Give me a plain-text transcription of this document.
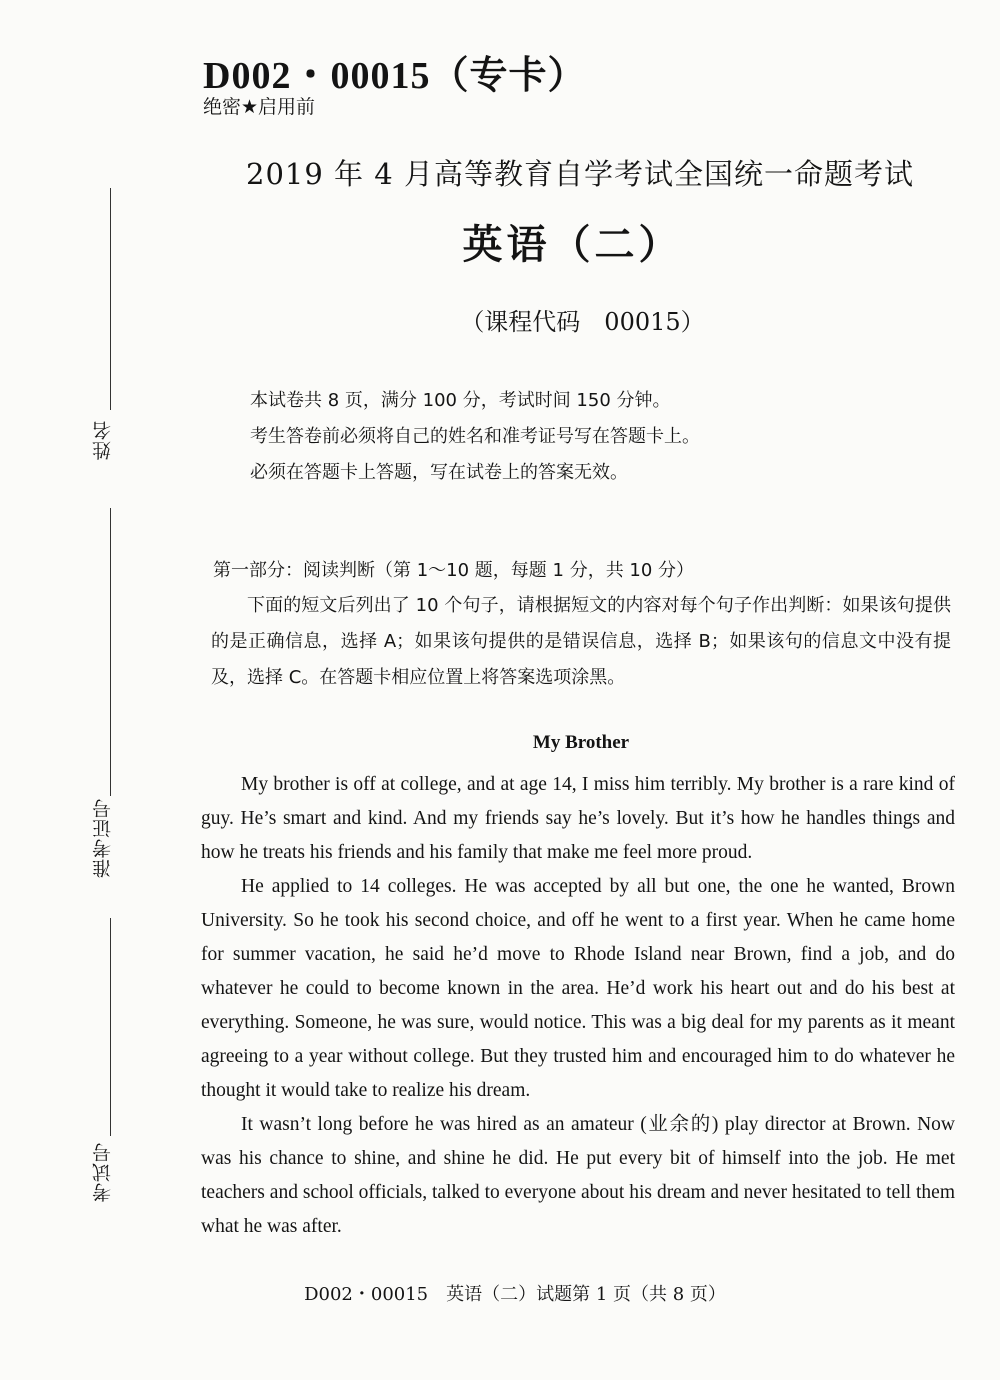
D002・00015（专卡）
绝密★启用前
2019 年 4 月高等教育自学考试全国统一命题考试
英语（二）
（课程代码　00015）
本试卷共 8 页，满分 100 分，考试时间 150 分钟。
考生答卷前必须将自己的姓名和准考证号写在答题卡上。
必须在答题卡上答题，写在试卷上的答案无效。
姓名
准考证号
考试号
第一部分：阅读判断（第 1～10 题，每题 1 分，共 10 分）
下面的短文后列出了 10 个句子，请根据短文的内容对每个句子作出判断：如果该句提供的是正确信息，选择 A；如果该句提供的是错误信息，选择 B；如果该句的信息文中没有提及，选择 C。在答题卡相应位置上将答案选项涂黑。
My Brother

My brother is off at college, and at age 14, I miss him terribly. My brother is a rare kind of guy. He’s smart and kind. And my friends say he’s lovely. But it’s how he handles things and how he treats his friends and his family that make me feel more proud.

He applied to 14 colleges. He was accepted by all but one, the one he wanted, Brown University. So he took his second choice, and off he went to a first year. When he came home for summer vacation, he said he’d move to Rhode Island near Brown, find a job, and do whatever he could to become known in the area. He’d work his heart out and do his best at everything. Someone, he was sure, would notice. This was a big deal for my parents as it meant agreeing to a year without college. But they trusted him and encouraged him to do whatever he thought it would take to realize his dream.

It wasn’t long before he was hired as an amateur (业余的) play director at Brown. Now was his chance to shine, and shine he did. He put every bit of himself into the job. He met teachers and school officials, talked to everyone about his dream and never hesitated to tell them what he was after.

D002・00015　英语（二）试题第 1 页（共 8 页）
